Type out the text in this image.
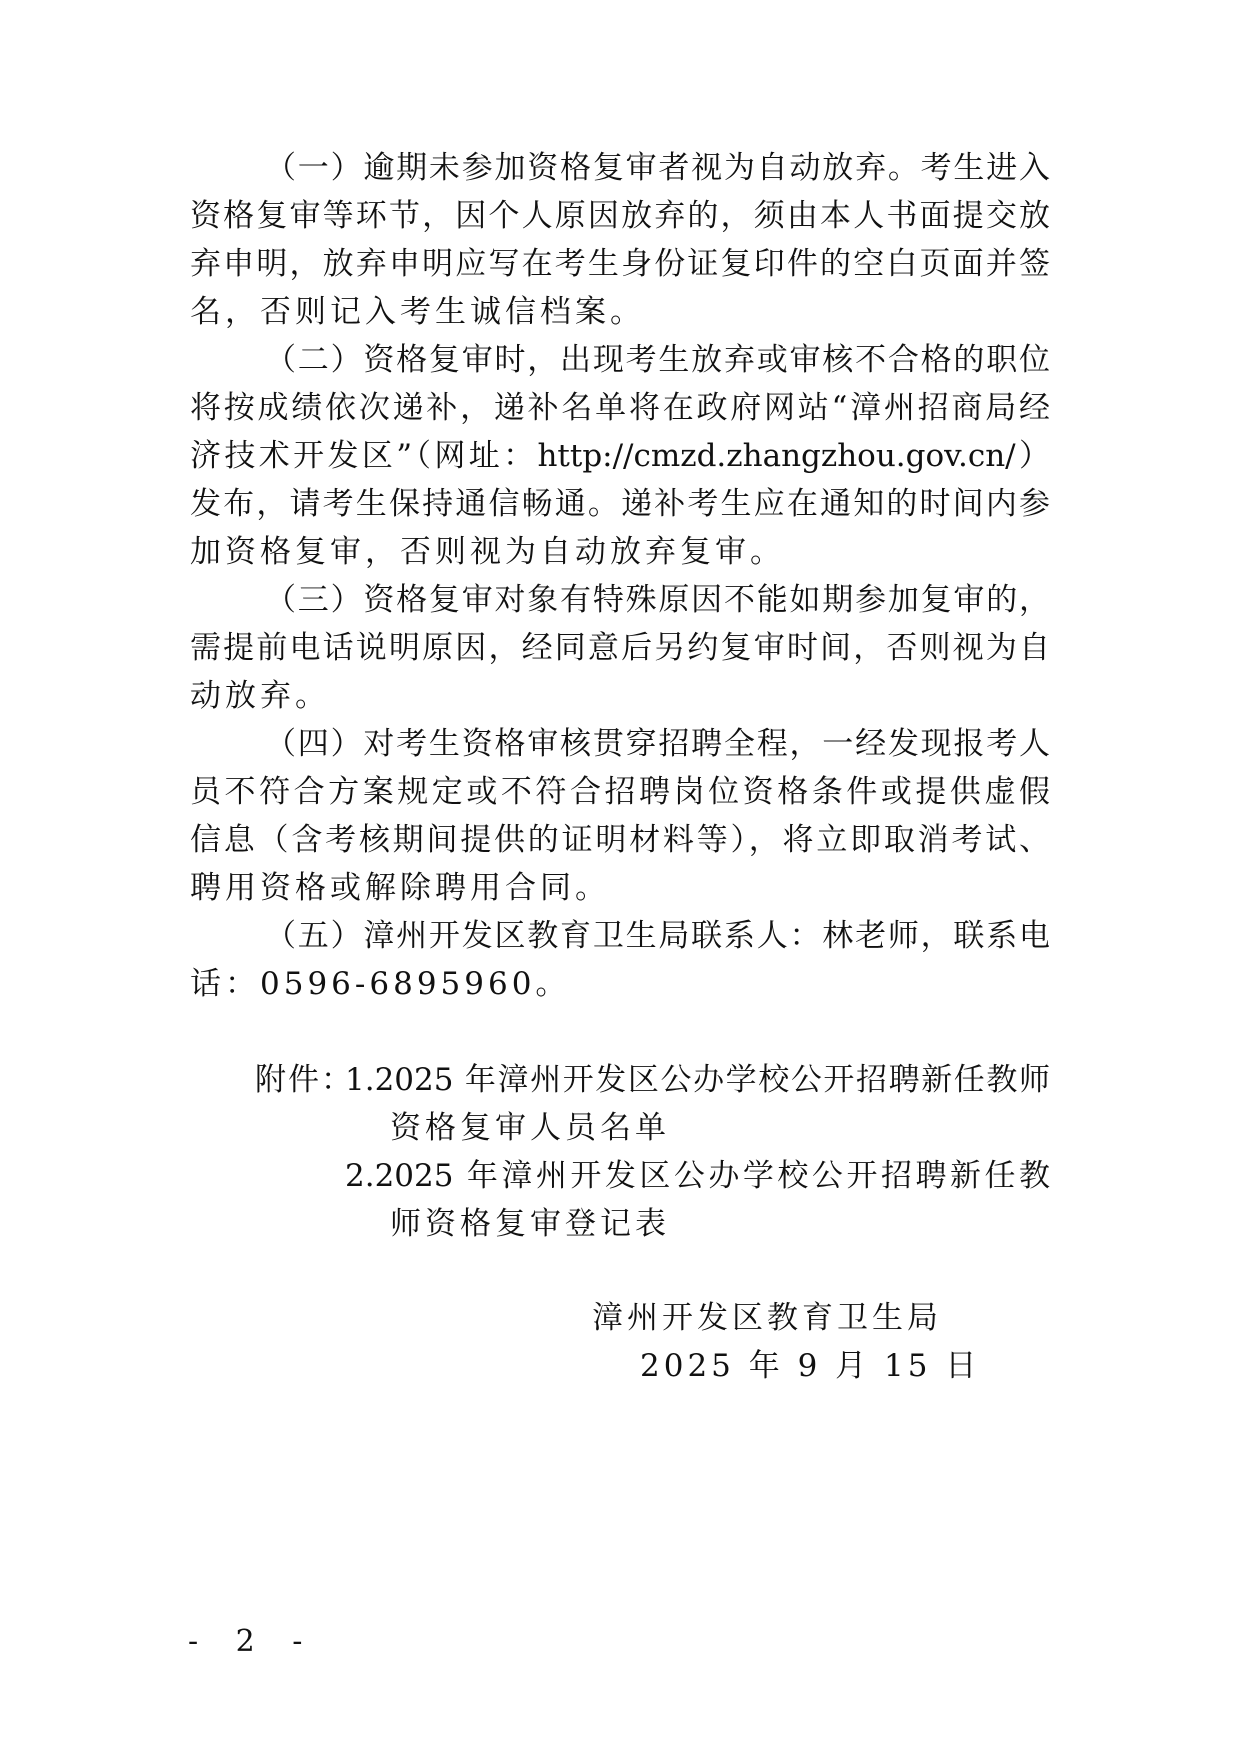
（一）逾期未参加资格复审者视为自动放弃。考生进入
资格复审等环节，因个人原因放弃的，须由本人书面提交放
弃申明，放弃申明应写在考生身份证复印件的空白页面并签
名，否则记入考生诚信档案。
（二）资格复审时，出现考生放弃或审核不合格的职位
将按成绩依次递补，递补名单将在政府网站“漳州招商局经
济技术开发区”（网址：http://cmzd.zhangzhou.gov.cn/）
发布，请考生保持通信畅通。递补考生应在通知的时间内参
加资格复审，否则视为自动放弃复审。
（三）资格复审对象有特殊原因不能如期参加复审的，
需提前电话说明原因，经同意后另约复审时间，否则视为自
动放弃。
（四）对考生资格审核贯穿招聘全程，一经发现报考人
员不符合方案规定或不符合招聘岗位资格条件或提供虚假
信息（含考核期间提供的证明材料等），将立即取消考试、
聘用资格或解除聘用合同。
（五）漳州开发区教育卫生局联系人：林老师，联系电
话：0596-6895960。
附件：
1.2025 年漳州开发区公办学校公开招聘新任教师
资格复审人员名单
2.2025 年漳州开发区公办学校公开招聘新任教
师资格复审登记表
漳州开发区教育卫生局
2025 年 9 月 15 日
- 2 -
